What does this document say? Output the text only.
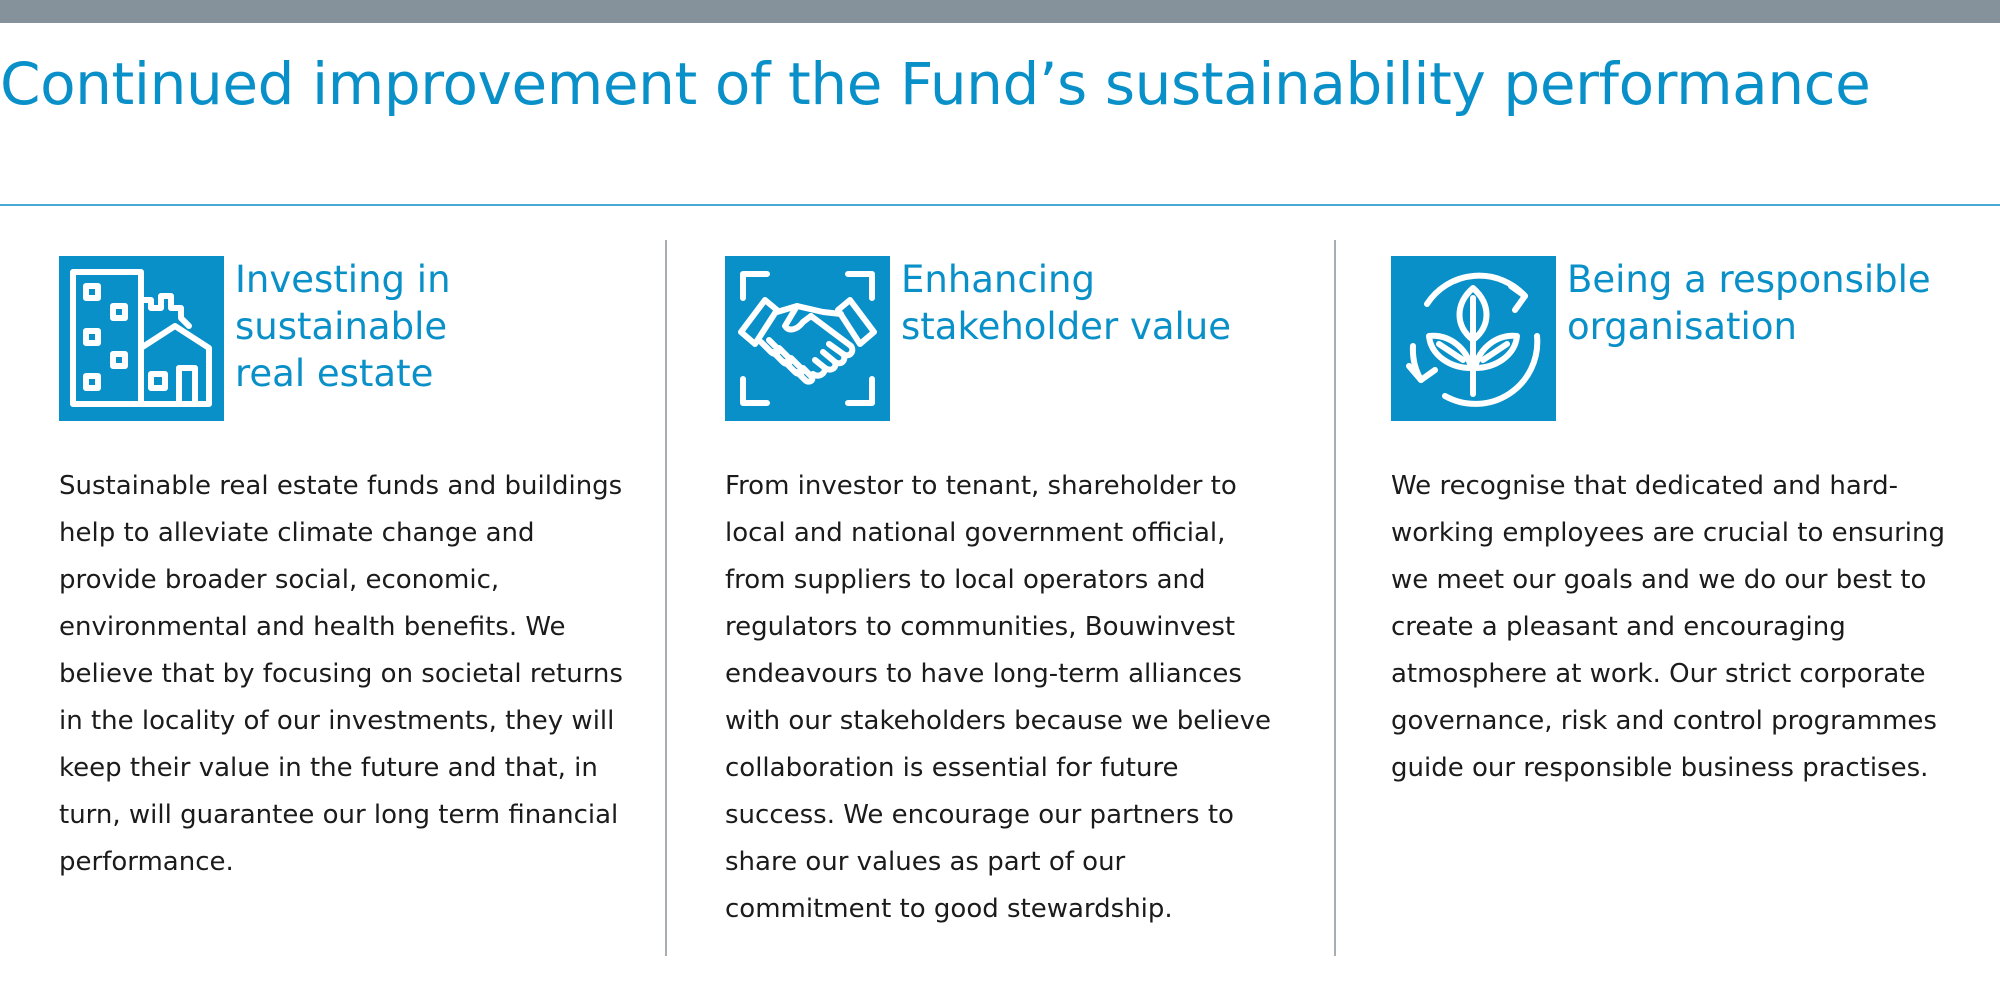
Continued improvement of the Fund’s sustainability performance
Investing in
sustainable
real estate

Sustainable real estate funds and buildings
help to alleviate climate change and
provide broader social, economic,
environmental and health benefits. We
believe that by focusing on societal returns
in the locality of our investments, they will
keep their value in the future and that, in
turn, will guarantee our long term financial
performance.

Enhancing
stakeholder value

From investor to tenant, shareholder to
local and national government official,
from suppliers to local operators and
regulators to communities, Bouwinvest
endeavours to have long-term alliances
with our stakeholders because we believe
collaboration is essential for future
success. We encourage our partners to
share our values as part of our
commitment to good stewardship.

Being a responsible
organisation

We recognise that dedicated and hard-
working employees are crucial to ensuring
we meet our goals and we do our best to
create a pleasant and encouraging
atmosphere at work. Our strict corporate
governance, risk and control programmes
guide our responsible business practises.
